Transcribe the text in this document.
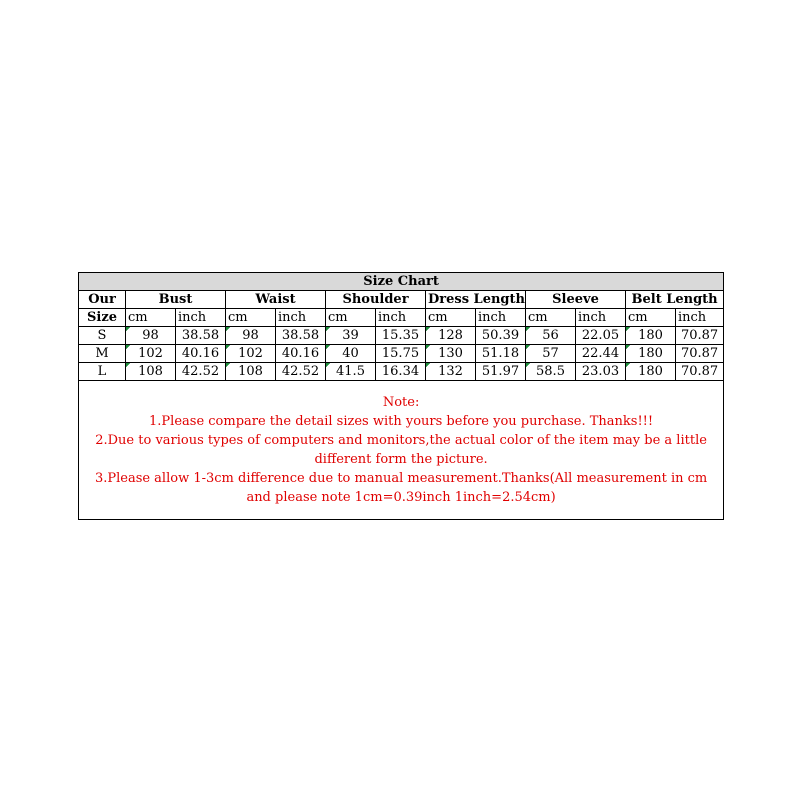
Size Chart												
Our	Bust		Waist		Shoulder		Dress Length		Sleeve		Belt Length	
Size	cm	inch	cm	inch	cm	inch	cm	inch	cm	inch	cm	inch
S	98	38.58	98	38.58	39	15.35	128	50.39	56	22.05	180	70.87
M	102	40.16	102	40.16	40	15.75	130	51.18	57	22.44	180	70.87
L	108	42.52	108	42.52	41.5	16.34	132	51.97	58.5	23.03	180	70.87

Note:
1.Please compare the detail sizes with yours before you purchase. Thanks!!!
2.Due to various types of computers and monitors,the actual color of the item may be a little different form the picture.
3.Please allow 1-3cm difference due to manual measurement.Thanks(All measurement in cm and please note 1cm=0.39inch 1inch=2.54cm)												
